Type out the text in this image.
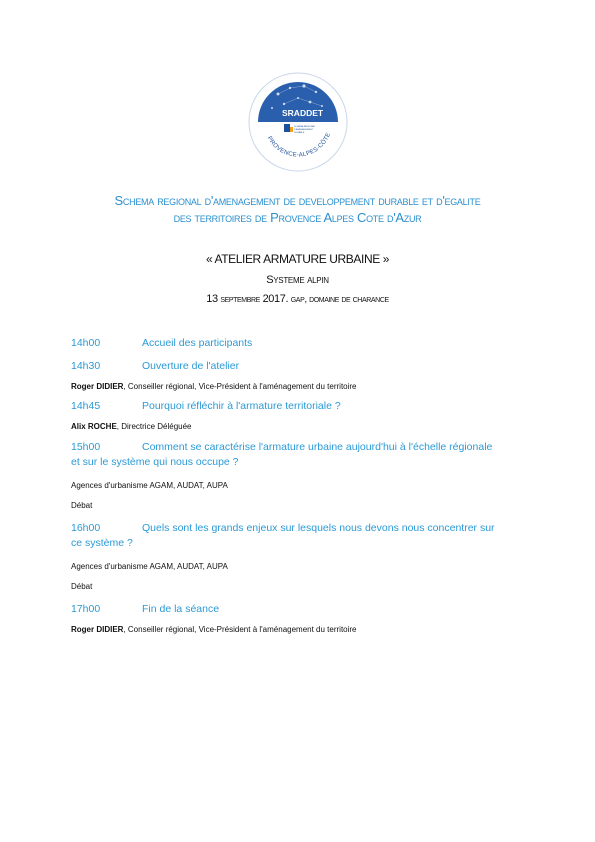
SRADDET
SCHÉMA RÉGIONAL
D'AMÉNAGEMENT
DURABLE
PROVENCE-ALPES-CÔTE
Schema regional d'amenagement de developpement durable et d'egalite
des territoires de Provence Alpes Cote d'Azur
« ATELIER ARMATURE URBAINE »
Systeme alpin
13 septembre 2017. gap, domaine de charance
14h00	Accueil des participants
14h30	Ouverture de l'atelier
Roger DIDIER, Conseiller régional, Vice-Président à l'aménagement du territoire
14h45	Pourquoi réfléchir à l'armature territoriale ?
Alix ROCHE, Directrice Déléguée
15h00	Comment se caractérise l'armature urbaine aujourd'hui à l'échelle régionale
et sur le système qui nous occupe ?
Agences d'urbanisme AGAM, AUDAT, AUPA
Débat
16h00	Quels sont les grands enjeux sur lesquels nous devons nous concentrer sur
ce système ?
Agences d'urbanisme AGAM, AUDAT, AUPA
Débat
17h00	Fin de la séance
Roger DIDIER, Conseiller régional, Vice-Président à l'aménagement du territoire
